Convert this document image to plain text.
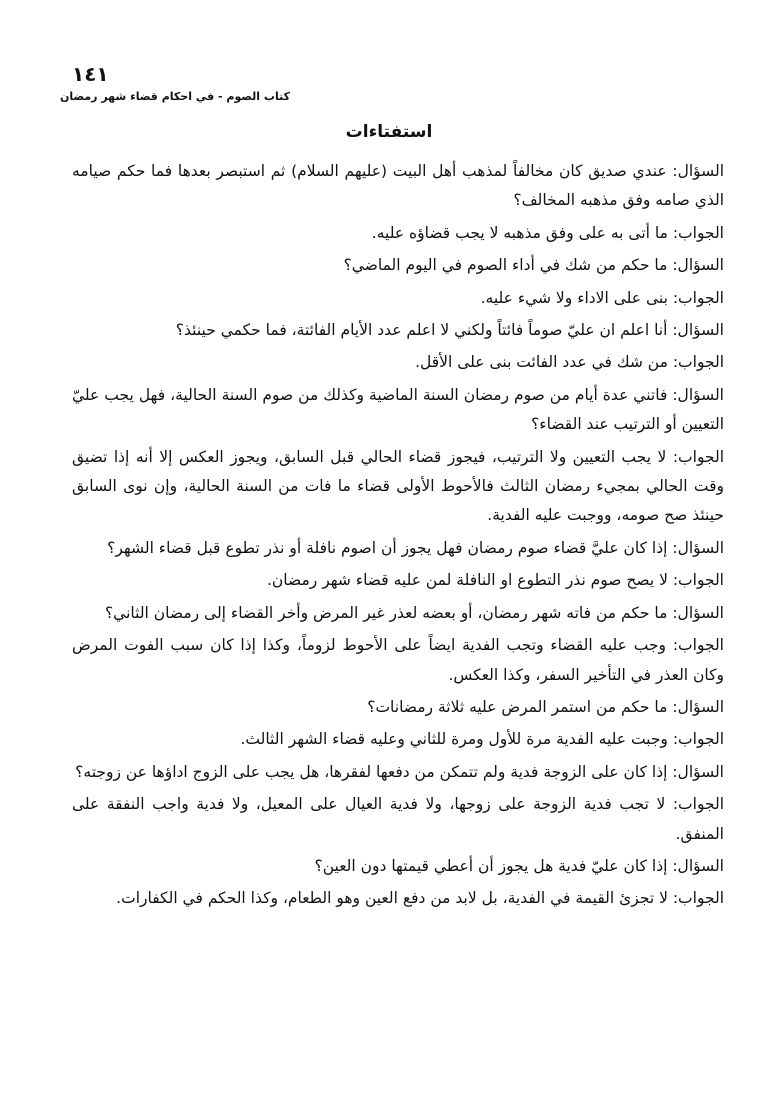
١٤١
كتاب الصوم - في احكام قضاء شهر رمضان
استفتاءات

السؤال: عندي صديق كان مخالفاً لمذهب أهل البيت (عليهم السلام) ثم استبصر بعدها فما حكم صيامه الذي صامه وفق مذهبه المخالف؟

الجواب: ما أتى به على وفق مذهبه لا يجب قضاؤه عليه.

السؤال: ما حكم من شك في أداء الصوم في اليوم الماضي؟

الجواب: بنى على الاداء ولا شيء عليه.

السؤال: أنا اعلم ان عليّ صوماً فائتاً ولكني لا اعلم عدد الأيام الفائتة، فما حكمي حينئذ؟

الجواب: من شك في عدد الفائت بنى على الأقل.

السؤال: فاتني عدة أيام من صوم رمضان السنة الماضية وكذلك من صوم السنة الحالية، فهل يجب عليّ التعيين أو الترتيب عند القضاء؟

الجواب: لا يجب التعيين ولا الترتيب، فيجوز قضاء الحالي قبل السابق، ويجوز العكس إلا أنه إذا تضيق وقت الحالي بمجيء رمضان الثالث فالأحوط الأولى قضاء ما فات من السنة الحالية، وإن نوى السابق حينئذ صح صومه، ووجبت عليه الفدية.

السؤال: إذا كان عليَّ قضاء صوم رمضان فهل يجوز أن اصوم نافلة أو نذر تطوع قبل قضاء الشهر؟

الجواب: لا يصح صوم نذر التطوع او النافلة لمن عليه قضاء شهر رمضان.

السؤال: ما حكم من فاته شهر رمضان، أو بعضه لعذر غير المرض وأخر القضاء إلى رمضان الثاني؟

الجواب: وجب عليه القضاء وتجب الفدية ايضاً على الأحوط لزوماً، وكذا إذا كان سبب الفوت المرض وكان العذر في التأخير السفر، وكذا العكس.

السؤال: ما حكم من استمر المرض عليه ثلاثة رمضانات؟

الجواب: وجبت عليه الفدية مرة للأول ومرة للثاني وعليه قضاء الشهر الثالث.

السؤال: إذا كان على الزوجة فدية ولم تتمكن من دفعها لفقرها، هل يجب على الزوج اداؤها عن زوجته؟

الجواب: لا تجب فدية الزوجة على زوجها، ولا فدية العيال على المعيل، ولا فدية واجب النفقة على المنفق.

السؤال: إذا كان عليّ فدية هل يجوز أن أعطي قيمتها دون العين؟

الجواب: لا تجزئ القيمة في الفدية، بل لابد من دفع العين وهو الطعام، وكذا الحكم في الكفارات.
